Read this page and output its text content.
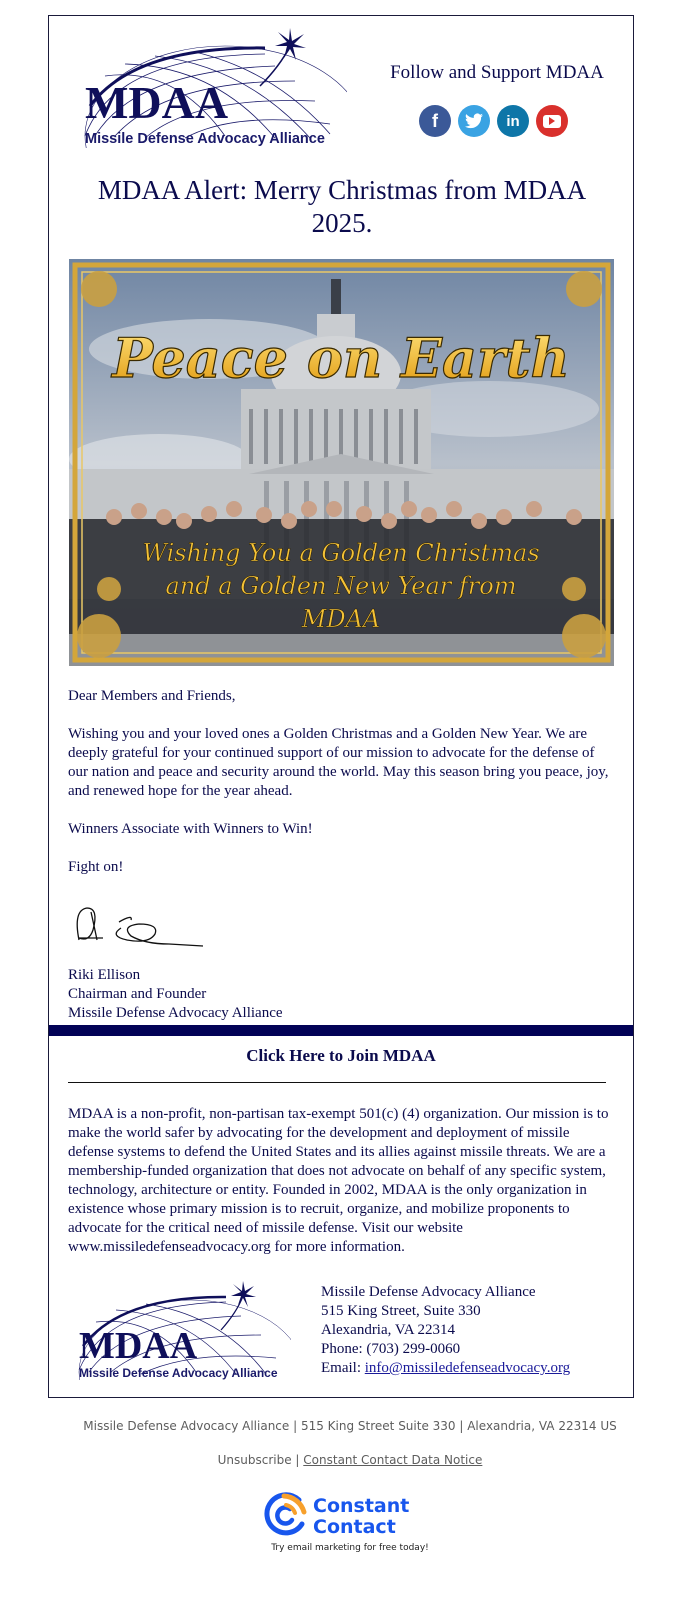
MDAA
Missile Defense Advocacy Alliance
Follow and Support MDAA
f	in
MDAA Alert: Merry Christmas from MDAA 2025.
Peace on Earth
Wishing You a Golden Christmas
and a Golden New Year from
MDAA

Dear Members and Friends,

Wishing you and your loved ones a Golden Christmas and a Golden New Year. We are deeply grateful for your continued support of our mission to advocate for the defense of our nation and peace and security around the world. May this season bring you peace, joy, and renewed hope for the year ahead.

Winners Associate with Winners to Win!

Fight on!

Riki Ellison
Chairman and Founder
Missile Defense Advocacy Alliance
Click Here to Join MDAA
MDAA is a non-profit, non-partisan tax-exempt 501(c) (4) organization. Our mission is to make the world safer by advocating for the development and deployment of missile defense systems to defend the United States and its allies against missile threats. We are a membership-funded organization that does not advocate on behalf of any specific system, technology, architecture or entity. Founded in 2002, MDAA is the only organization in existence whose primary mission is to recruit, organize, and mobilize proponents to advocate for the critical need of missile defense. Visit our website www.missiledefenseadvocacy.org for more information.
MDAA
Missile Defense Advocacy Alliance
Missile Defense Advocacy Alliance
515 King Street, Suite 330
Alexandria, VA 22314
Phone: (703) 299-0060
Email: info@missiledefenseadvocacy.org
Missile Defense Advocacy Alliance | 515 King Street Suite 330 | Alexandria, VA 22314 US
Unsubscribe | Constant Contact Data Notice
Constant
Contact
Try email marketing for free today!
